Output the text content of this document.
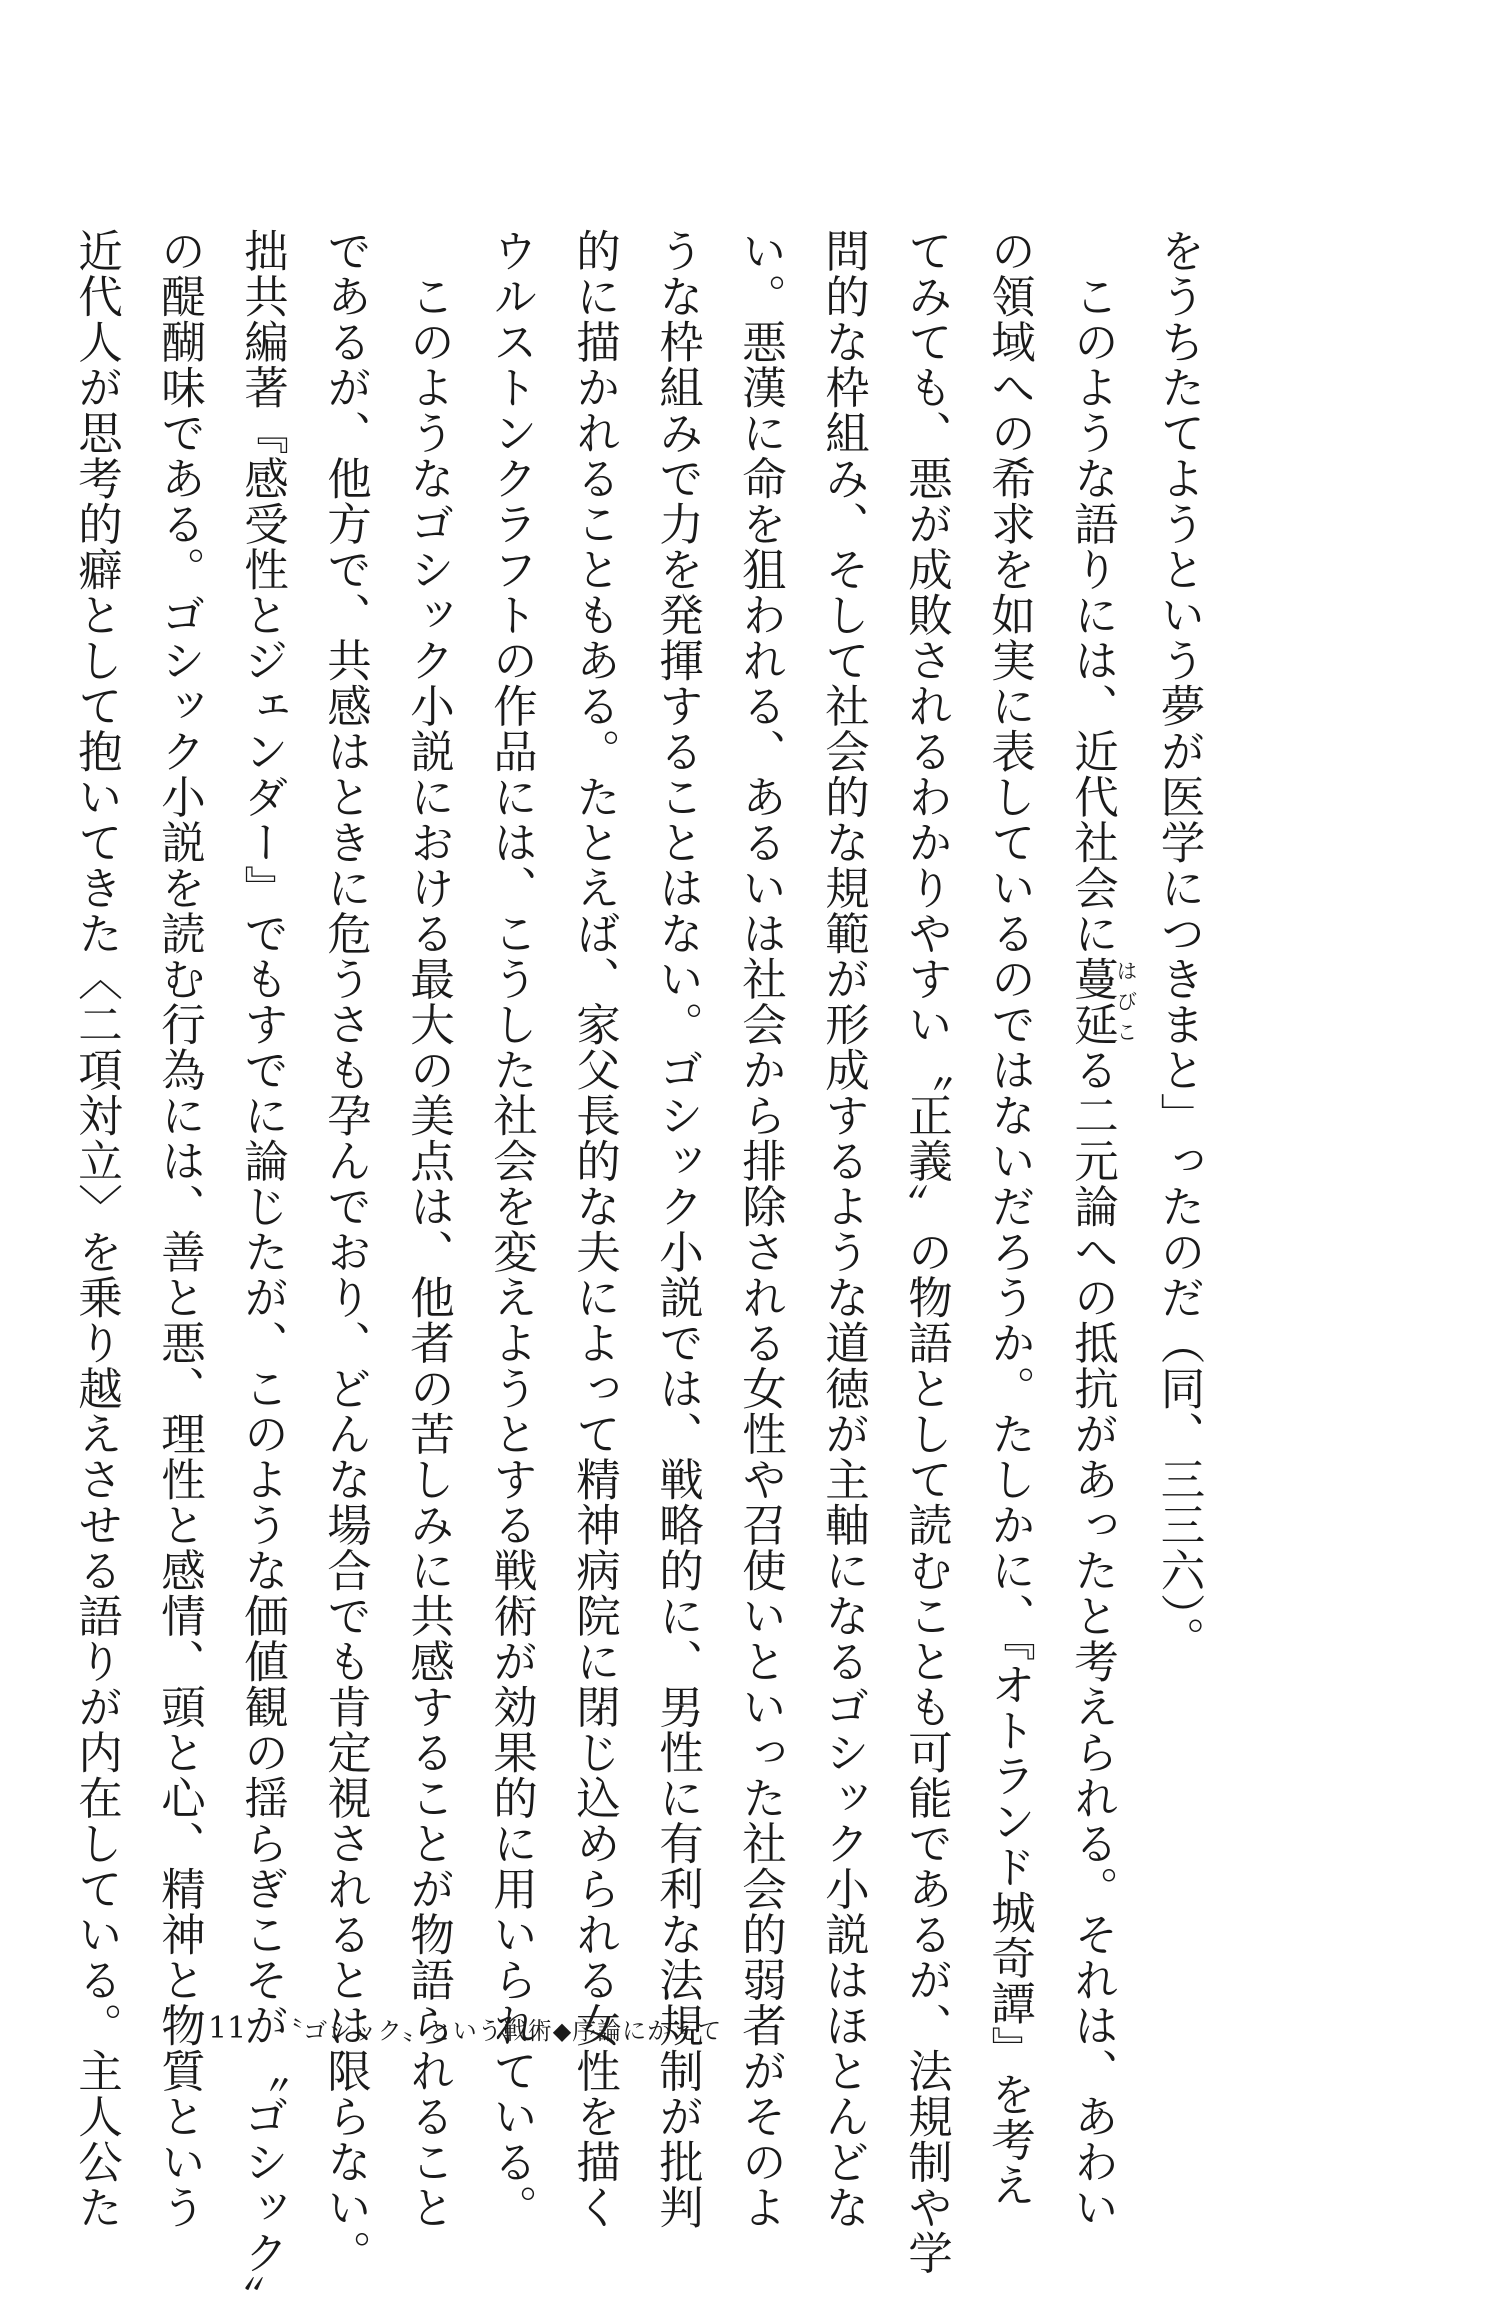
をうちたてようという夢が医学につきまと」ったのだ（同、三三六）。
　このような語りには、近代社会に蔓延はびこる二元論への抵抗があったと考えられる。それは、あわい
の領域への希求を如実に表しているのではないだろうか。たしかに、『オトランド城奇譚』を考え
てみても、悪が成敗されるわかりやすい〝正義〟の物語として読むことも可能であるが、法規制や学
問的な枠組み、そして社会的な規範が形成するような道徳が主軸になるゴシック小説はほとんどな
い。悪漢に命を狙われる、あるいは社会から排除される女性や召使いといった社会的弱者がそのよ
うな枠組みで力を発揮することはない。ゴシック小説では、戦略的に、男性に有利な法規制が批判
的に描かれることもある。たとえば、家父長的な夫によって精神病院に閉じ込められる女性を描く
ウルストンクラフトの作品には、こうした社会を変えようとする戦術が効果的に用いられている。
　このようなゴシック小説における最大の美点は、他者の苦しみに共感することが物語られること
であるが、他方で、共感はときに危うさも孕んでおり、どんな場合でも肯定視されるとは限らない。
拙共編著『感受性とジェンダー』でもすでに論じたが、このような価値観の揺らぎこそが〝ゴシック〟
の醍醐味である。ゴシック小説を読む行為には、善と悪、理性と感情、頭と心、精神と物質という
近代人が思考的癖として抱いてきた〈二項対立〉を乗り越えさせる語りが内在している。主人公た	11 〝ゴシック〟という戦術◆序論にかえて
